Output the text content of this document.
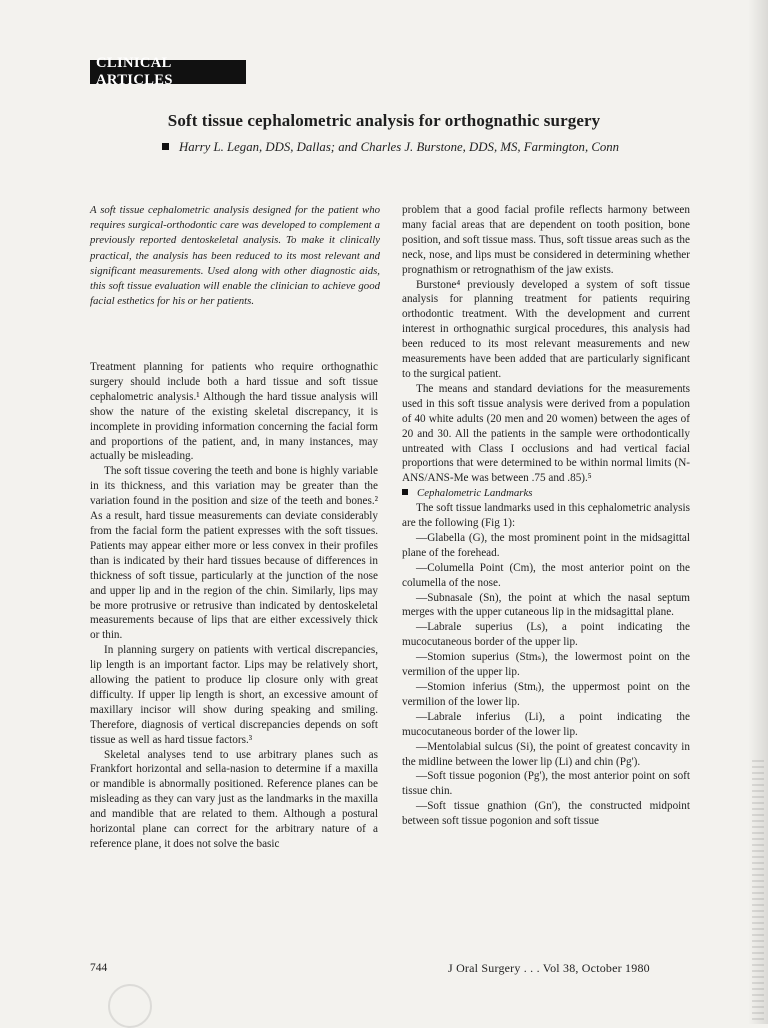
CLINICAL ARTICLES
Soft tissue cephalometric analysis for orthognathic surgery
Harry L. Legan, DDS, Dallas; and Charles J. Burstone, DDS, MS, Farmington, Conn
A soft tissue cephalometric analysis designed for the patient who requires surgical-orthodontic care was developed to complement a previously reported dentoskeletal analysis. To make it clinically practical, the analysis has been reduced to its most relevant and significant measurements. Used along with other diagnostic aids, this soft tissue evaluation will enable the clinician to achieve good facial esthetics for his or her patients.

Treatment planning for patients who require orthognathic surgery should include both a hard tissue and soft tissue cephalometric analysis.¹ Although the hard tissue analysis will show the nature of the existing skeletal discrepancy, it is incomplete in providing information concerning the facial form and proportions of the patient, and, in many instances, may actually be misleading.

The soft tissue covering the teeth and bone is highly variable in its thickness, and this variation may be greater than the variation found in the position and size of the teeth and bones.² As a result, hard tissue measurements can deviate considerably from the facial form the patient expresses with the soft tissues. Patients may appear either more or less convex in their profiles than is indicated by their hard tissues because of differences in thickness of soft tissue, particularly at the junction of the nose and upper lip and in the region of the chin. Similarly, lips may be more protrusive or retrusive than indicated by dentoskeletal measurements because of lips that are either excessively thick or thin.

In planning surgery on patients with vertical discrepancies, lip length is an important factor. Lips may be relatively short, allowing the patient to produce lip closure only with great difficulty. If upper lip length is short, an excessive amount of maxillary incisor will show during speaking and smiling. Therefore, diagnosis of vertical discrepancies depends on soft tissue as well as hard tissue factors.³

Skeletal analyses tend to use arbitrary planes such as Frankfort horizontal and sella-nasion to determine if a maxilla or mandible is abnormally positioned. Reference planes can be misleading as they can vary just as the landmarks in the maxilla and mandible that are related to them. Although a postural horizontal plane can correct for the arbitrary nature of a reference plane, it does not solve the basic

problem that a good facial profile reflects harmony between many facial areas that are dependent on tooth position, bone position, and soft tissue mass. Thus, soft tissue areas such as the neck, nose, and lips must be considered in determining whether prognathism or retrognathism of the jaw exists.

Burstone⁴ previously developed a system of soft tissue analysis for planning treatment for patients requiring orthodontic treatment. With the development and current interest in orthognathic surgical procedures, this analysis had been reduced to its most relevant measurements and new measurements have been added that are particularly significant to the surgical patient.

The means and standard deviations for the measurements used in this soft tissue analysis were derived from a population of 40 white adults (20 men and 20 women) between the ages of 20 and 30. All the patients in the sample were orthodontically untreated with Class I occlusions and had vertical facial proportions that were determined to be within normal limits (N-ANS/ANS-Me was between .75 and .85).⁵

Cephalometric Landmarks

The soft tissue landmarks used in this cephalometric analysis are the following (Fig 1):

—Glabella (G), the most prominent point in the midsagittal plane of the forehead.

—Columella Point (Cm), the most anterior point on the columella of the nose.

—Subnasale (Sn), the point at which the nasal septum merges with the upper cutaneous lip in the midsagittal plane.

—Labrale superius (Ls), a point indicating the mucocutaneous border of the upper lip.

—Stomion superius (Stmₛ), the lowermost point on the vermilion of the upper lip.

—Stomion inferius (Stmᵢ), the uppermost point on the vermilion of the lower lip.

—Labrale inferius (Li), a point indicating the mucocutaneous border of the lower lip.

—Mentolabial sulcus (Si), the point of greatest concavity in the midline between the lower lip (Li) and chin (Pg').

—Soft tissue pogonion (Pg'), the most anterior point on soft tissue chin.

—Soft tissue gnathion (Gn'), the constructed midpoint between soft tissue pogonion and soft tissue

744	J Oral Surgery . . . Vol 38, October 1980
